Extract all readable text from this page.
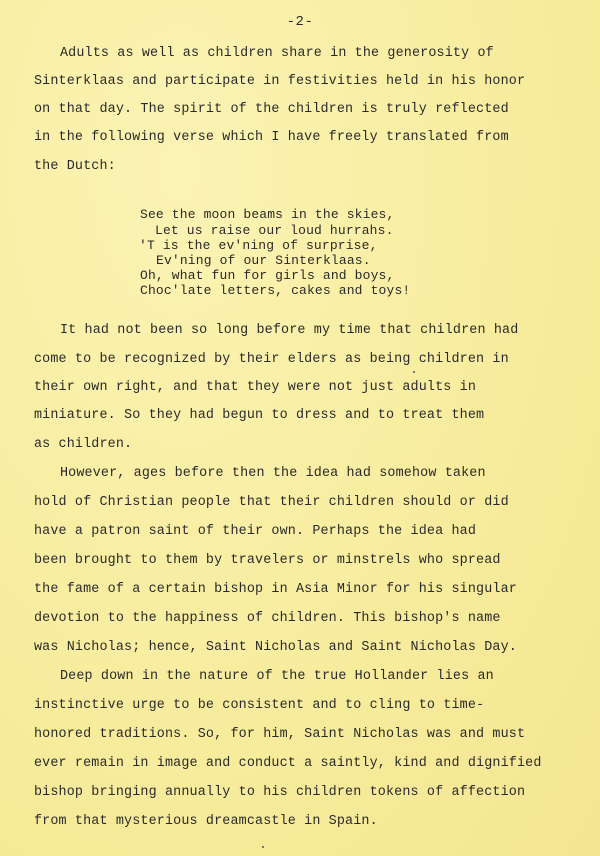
-2-
Adults as well as children share in the generosity of
Sinterklaas and participate in festivities held in his honor
on that day. The spirit of the children is truly reflected
in the following verse which I have freely translated from
the Dutch:
See the moon beams in the skies,
Let us raise our loud hurrahs.
'T is the ev'ning of surprise,
Ev'ning of our Sinterklaas.
Oh, what fun for girls and boys,
Choc'late letters, cakes and toys!
It had not been so long before my time that children had
come to be recognized by their elders as being children in
their own right, and that they were not just adults in
miniature. So they had begun to dress and to treat them
as children.
However, ages before then the idea had somehow taken
hold of Christian people that their children should or did
have a patron saint of their own. Perhaps the idea had
been brought to them by travelers or minstrels who spread
the fame of a certain bishop in Asia Minor for his singular
devotion to the happiness of children. This bishop's name
was Nicholas; hence, Saint Nicholas and Saint Nicholas Day.
Deep down in the nature of the true Hollander lies an
instinctive urge to be consistent and to cling to time-
honored traditions. So, for him, Saint Nicholas was and must
ever remain in image and conduct a saintly, kind and dignified
bishop bringing annually to his children tokens of affection
from that mysterious dreamcastle in Spain.
